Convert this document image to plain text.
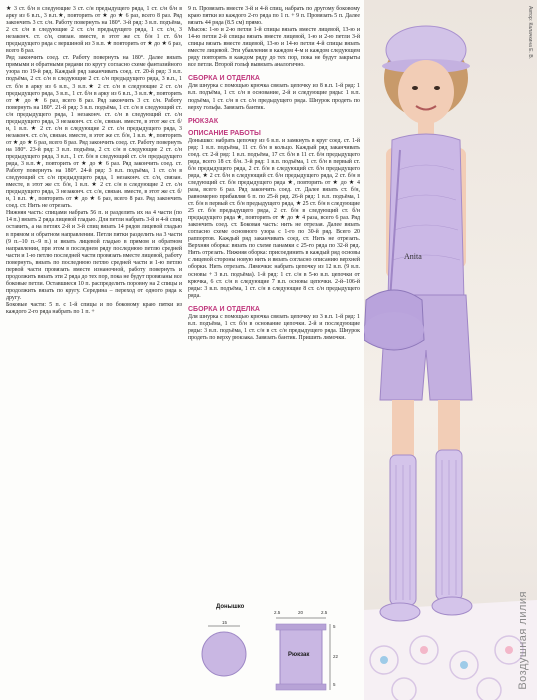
★ 3 ст. б/н в следующие 3 ст. с/н предыдущего ряда, 1 ст. с/н б/н в арку из 6 в.п., 3 в.п.★, повторить от ★ до ★ 6 раз, всего 8 раз. Ряд закончить 3 ст. с/н. Работу повернуть на 180°. 3-й ряд: 3 в.п. подъёма, 2 ст. с/н в следующие 2 ст. с/н предыдущего ряда, 1 ст. с/н, 3 незаконч. ст. с/н, связан. вместе, в этот же ст. б/н 1 ст. б/н предыдущего ряда с вершиной из 3 в.п. ★ повторить от ★ до ★ 6 раз, всего 8 раз.

Ряд закончить соед. ст. Работу повернуть на 180°. Далее вязать прямыми и обратными рядами по кругу согласно схеме фантазийного узора по 19-й ряд. Каждый ряд заканчивать соед. ст. 20-й ряд: 3 в.п. подъёма, 2 ст. с/н в следующие 2 ст. с/н предыдущего ряда, 3 в.п., 1 ст. б/н в арку из 6 в.п., 3 в.п.★ 2 ст. с/н в следующие 2 ст. с/н предыдущего ряда, 3 в.п., 1 ст. б/н в арку из 6 в.п., 3 в.п.★, повторить от ★ до ★ 6 раз, всего 8 раз. Ряд закончить 3 ст. с/н. Работу повернуть на 180°. 21-й ряд: 3 в.п. подъёма, 1 ст. с/н в следующий ст. с/н предыдущего ряда, 1 незаконч. ст. с/н в следующий ст. с/н предыдущего ряда, 3 незаконч. ст. с/н, связан. вместе, в этот же ст. б/н, 1 в.п. ★ 2 ст. с/н в следующие 2 ст. с/н предыдущего ряда, 3 незаконч. ст. с/н, связан. вместе, в этот же ст. б/н, 1 в.п. ★, повторить от ★ до ★ 6 раз, всего 8 раз. Ряд закончить соед. ст. Работу повернуть на 180°. 23-й ряд: 3 в.п. подъёма, 2 ст. с/н в следующие 2 ст. с/н предыдущего ряда, 3 в.п., 1 ст. б/н в следующий ст. с/н предыдущего ряда, 3 в.п.★, повторить от ★ до ★ 6 раз. Ряд закончить соед. ст. Работу повернуть на 180°. 24-й ряд: 3 в.п. подъёма, 1 ст. с/н в следующий ст. с/н предыдущего ряда, 1 незаконч. ст. с/н, связан. вместе, в этот же ст. б/н, 1 в.п. ★ 2 ст. с/н в следующие 2 ст. с/н предыдущего ряда, 3 незаконч. ст. с/н, связан. вместе, в этот же ст. б/н, 1 в.п. ★, повторить от ★ до ★ 6 раз, всего 8 раз. Ряд закончить соед. ст. Нить не отрезать.

Нижняя часть: спицами набрать 56 п. и разделить их на 4 части (по 14 п.) вязать 2 ряда лицевой гладью. Для петли набрать 3-й и 4-й спиц оставить, а на петлях 2-й и 3-й спиц вязать 14 рядов лицевой гладью в прямом и обратном направлении. Петли пятки разделить на 3 части (9 п.–10 п.–9 п.) и вязать лицевой гладью в прямом и обратном направлении, при этом в последнем ряду последнюю петлю средней части и 1-ю петлю последней части провязать вместе лицевой, работу повернуть, вязать по последнюю петлю средней части и 1-ю петлю первой части провязать вместе изнаночной, работу повернуть и продолжить вязать эти 2 ряда до тех пор, пока не будут провязаны все боковые петли. Оставшиеся 10 п. распределить поровну на 2 спицы и продолжить вязать по кругу. Середина – переход от одного ряда к другу.

Боковые части: 5 п. с 1-й спицы и по боковому краю пятки из каждого 2-го ряда набрать по 1 п. +

9 п. Провязать вместе 3-й и 4-й спиц, набрать по другому боковому краю пятки из каждого 2-го ряда по 1 п. + 9 п. Провязать 5 п. Далее вязать 44 ряда (8.5 см) прямо.

Мысок: 1-ю и 2-ю петли 1-й спицы вязать вместе лицевой, 13-ю и 14-ю петли 2-й спицы вязать вместе лицевой, 1-ю и 2-ю петли 3-й спицы вязать вместе лицевой, 13-ю и 14-ю петли 4-й спицы вязать вместе лицевой. Эти убавления в каждом 4-м и каждом следующем ряду повторять в каждом ряду до тех пор, пока не будут закрыты все петли. Второй гольф вывязать аналогично.

СБОРКА И ОТДЕЛКА

Для шнурка с помощью крючка связать цепочку из 8 в.п. 1-й ряд: 1 в.п. подъёма, 1 ст. с/н в основание, 2-й и следующие ряды: 1 в.п. подъёма, 1 ст. с/н в ст. с/н предыдущего ряда. Шнурок продеть по верху гольфа. Завязать бантик.

РЮКЗАК
ОПИСАНИЕ РАБОТЫ

Донышко: набрать цепочку из 6 в.п. и замкнуть в круг соед. ст. 1-й ряд: 1 в.п. подъёма, 11 ст. б/н в кольцо. Каждый ряд заканчивать соед. ст. 2-й ряд: 1 в.п. подъёма, 17 ст. б/н в 11 ст. б/н предыдущего ряда, всего 18 ст. б/н. 3-й ряд: 1 в.п. подъёма, 1 ст. б/н в первый ст. б/н предыдущего ряда, 2 ст. б/н в следующий ст. б/н предыдущего ряда, ★ 2 ст. б/н в следующий ст. б/н предыдущего ряда, 2 ст. б/н в следующий ст. б/н предыдущего ряда ★, повторить от ★ до ★ 4 раза, всего 6 раз. Ряд закончить соед. ст. Далее вязать ст. б/н, равномерно прибавляя 6 п. по 25-й ряд. 26-й ряд: 1 в.п. подъёма, 1 ст. б/н в первый ст. б/н предыдущего ряда, ★ 25 ст. б/н в следующие 25 ст. б/н предыдущего ряда, 2 ст. б/н в следующий ст. б/н предыдущего ряда ★, повторить от ★ до ★ 4 раза, всего 6 раз. Ряд закончить соед. ст. Боковая часть: нить не отрезая. Далее вязать согласно схеме основного узора с 1-го по 30-й ряд. Всего 20 раппортов. Каждый ряд заканчивать соед. ст. Нить не отрезать. Верхняя оборка: вязать по схеме панамки с 25-го ряда по 32-й ряд. Нить отрезать. Нижняя оборка: присоединить в каждый ряд основы с лицевой стороны новую нить и вязать согласно описанию верхней оборки. Нить отрезать. Лямочки: набрать цепочку из 12 в.п. (9 в.п. основы + 3 в.п. подъёма). 1-й ряд: 1 ст. с/н в 5-ю в.п. цепочки от крючка, 6 ст. с/н в следующие 7 в.п. основы цепочки. 2-й–106-й ряды: 3 в.п. подъёма, 1 ст. с/н в следующие 8 ст. с/н предыдущего ряда.

СБОРКА И ОТДЕЛКА

Для шнурка с помощью крючка связать цепочку из 3 в.п. 1-й ряд: 1 в.п. подъёма, 1 ст. б/н в основание цепочки. 2-й и последующие ряды: 3 в.п. подъёма, 1 ст. с/н в ст. с/н предыдущего ряда. Шнурок продеть по верху рюкзака. Завязать бантик. Пришить лямочки.

Донышко
15
2.5	20	2.5
5
22
5
Рюкзак
Anita
Автор: Калачкина Е. В.
Воздушная лилия
